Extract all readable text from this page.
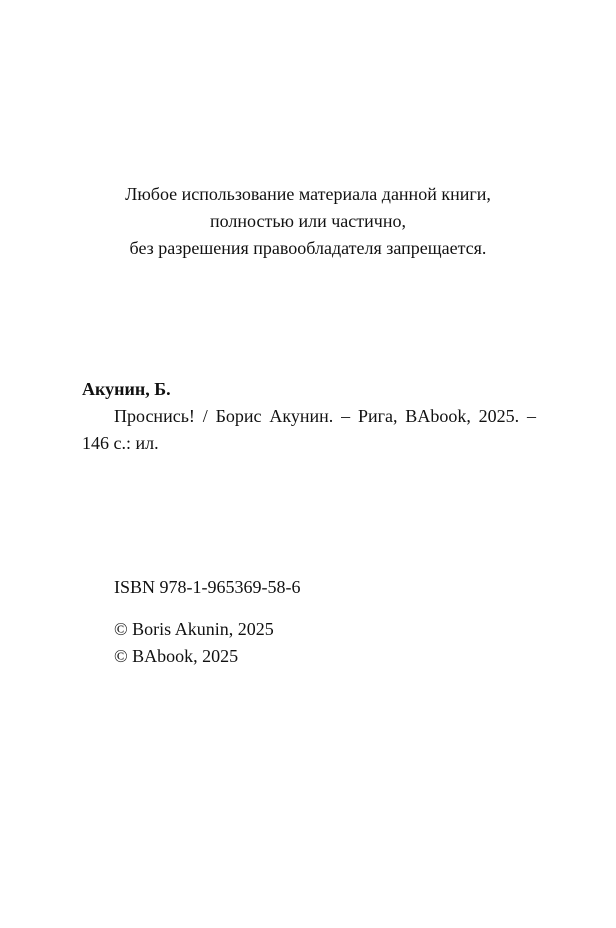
Любое использование материала данной книги,
полностью или частично,
без разрешения правообладателя запрещается.
Акунин, Б.
Проснись! / Борис Акунин. – Рига, BAbook, 2025. – 146 с.: ил.
ISBN 978-1-965369-58-6
© Boris Akunin, 2025
© BAbook, 2025
